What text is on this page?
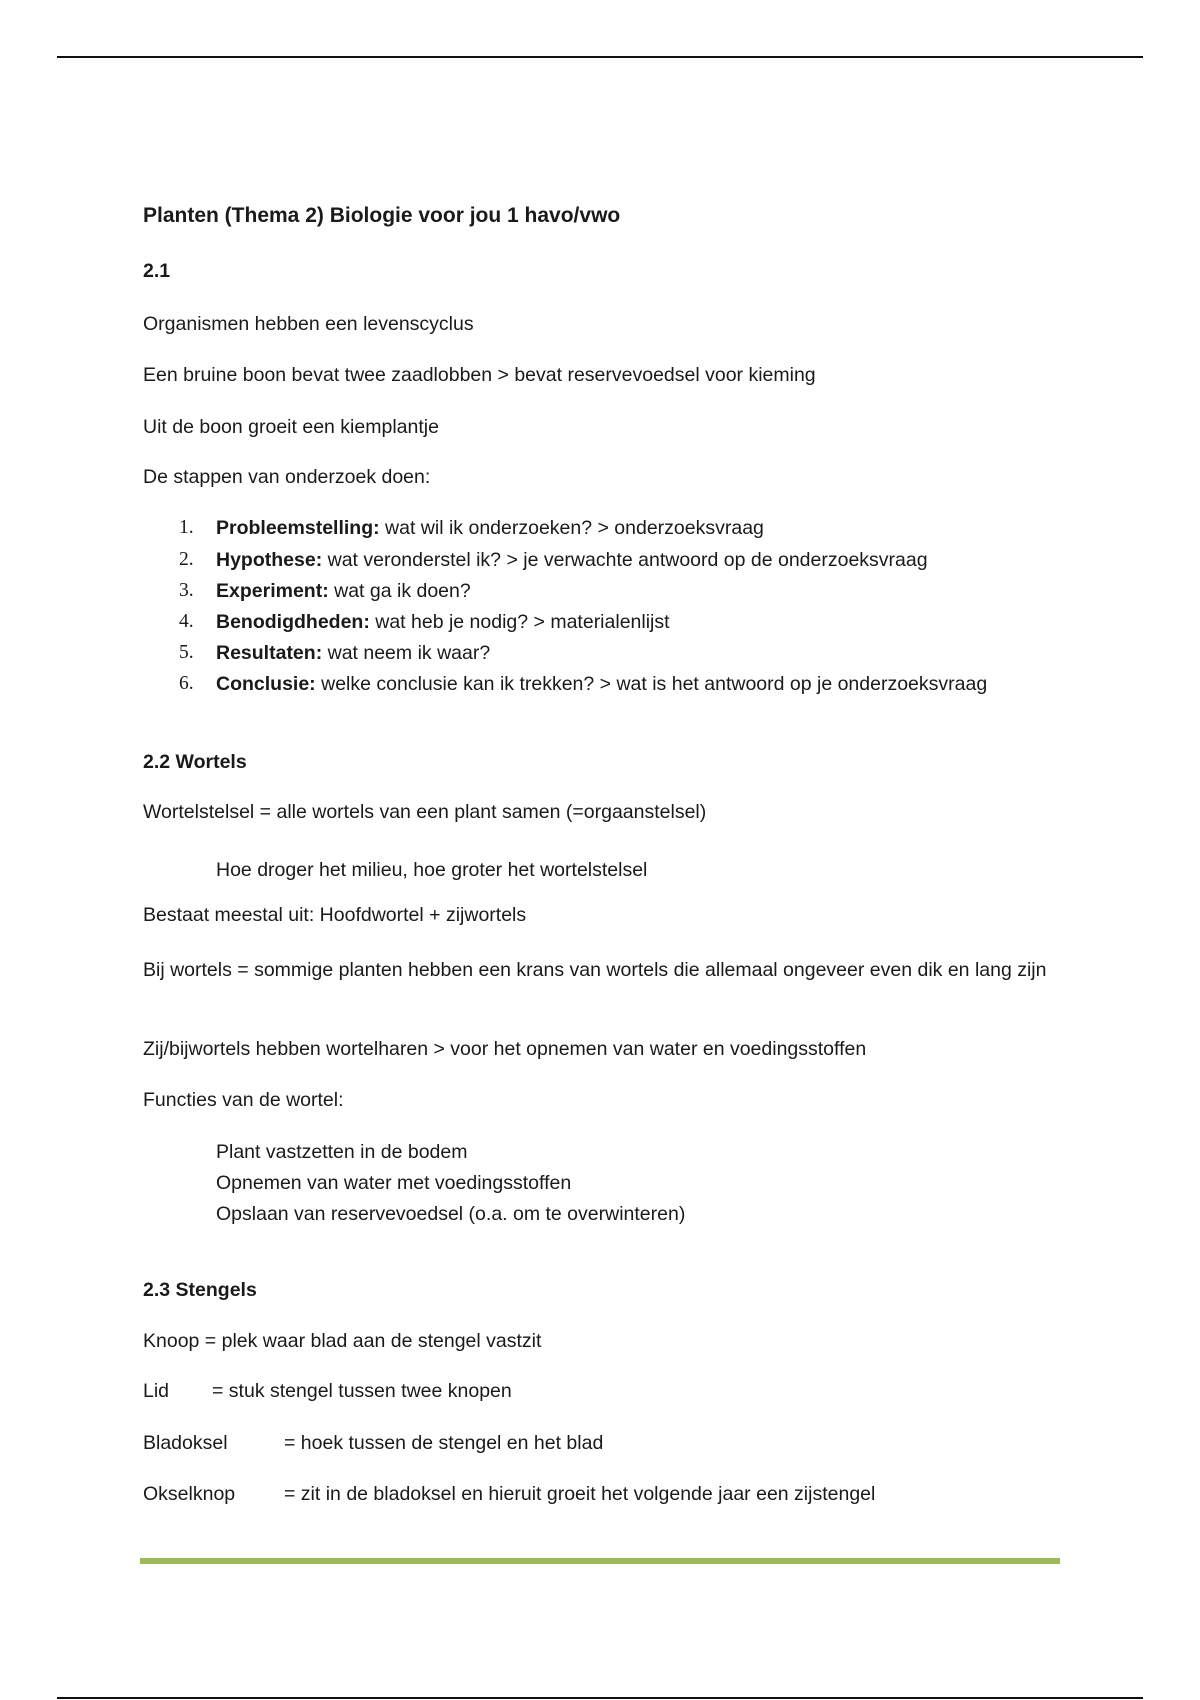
Planten (Thema 2) Biologie voor jou 1 havo/vwo
2.1
Organismen hebben een levenscyclus
Een bruine boon bevat twee zaadlobben > bevat reservevoedsel voor kieming
Uit de boon groeit een kiemplantje
De stappen van onderzoek doen:
1. Probleemstelling: wat wil ik onderzoeken? > onderzoeksvraag
2. Hypothese: wat veronderstel ik? > je verwachte antwoord op de onderzoeksvraag
3. Experiment: wat ga ik doen?
4. Benodigdheden: wat heb je nodig? > materialenlijst
5. Resultaten: wat neem ik waar?
6. Conclusie: welke conclusie kan ik trekken? > wat is het antwoord op je onderzoeksvraag
2.2 Wortels
Wortelstelsel = alle wortels van een plant samen (=orgaanstelsel)
Hoe droger het milieu, hoe groter het wortelstelsel
Bestaat meestal uit: Hoofdwortel + zijwortels
Bij wortels = sommige planten hebben een krans van wortels die allemaal ongeveer even dik en lang zijn
Zij/bijwortels hebben wortelharen > voor het opnemen van water en voedingsstoffen
Functies van de wortel:
Plant vastzetten in de bodem
Opnemen van water met voedingsstoffen
Opslaan van reservevoedsel (o.a. om te overwinteren)
2.3 Stengels
Knoop = plek waar blad aan de stengel vastzit
Lid = stuk stengel tussen twee knopen
Bladoksel	= hoek tussen de stengel en het blad
Okselknop	= zit in de bladoksel en hieruit groeit het volgende jaar een zijstengel
